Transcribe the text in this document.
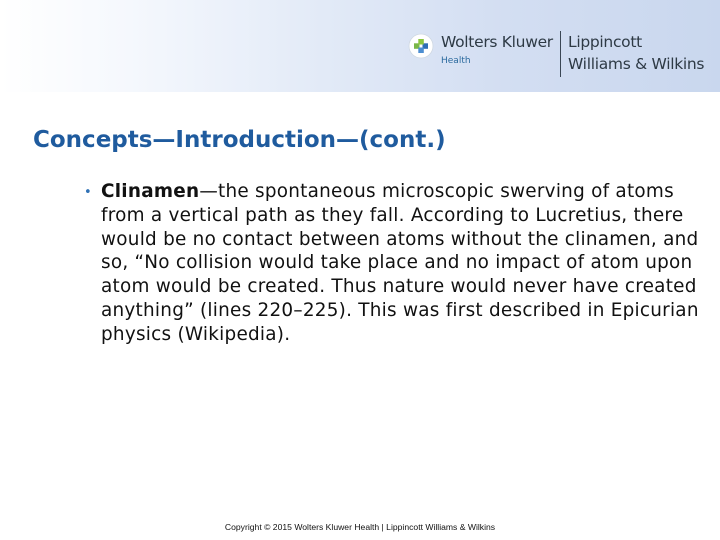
Wolters Kluwer
Health
Lippincott
Williams & Wilkins
Concepts—Introduction—(cont.)
• Clinamen—the spontaneous microscopic swerving of atoms from a vertical path as they fall. According to Lucretius, there would be no contact between atoms without the clinamen, and so, “No collision would take place and no impact of atom upon atom would be created. Thus nature would never have created anything” (lines 220–225). This was first described in Epicurian physics (Wikipedia).

Copyright © 2015 Wolters Kluwer Health | Lippincott Williams & Wilkins
